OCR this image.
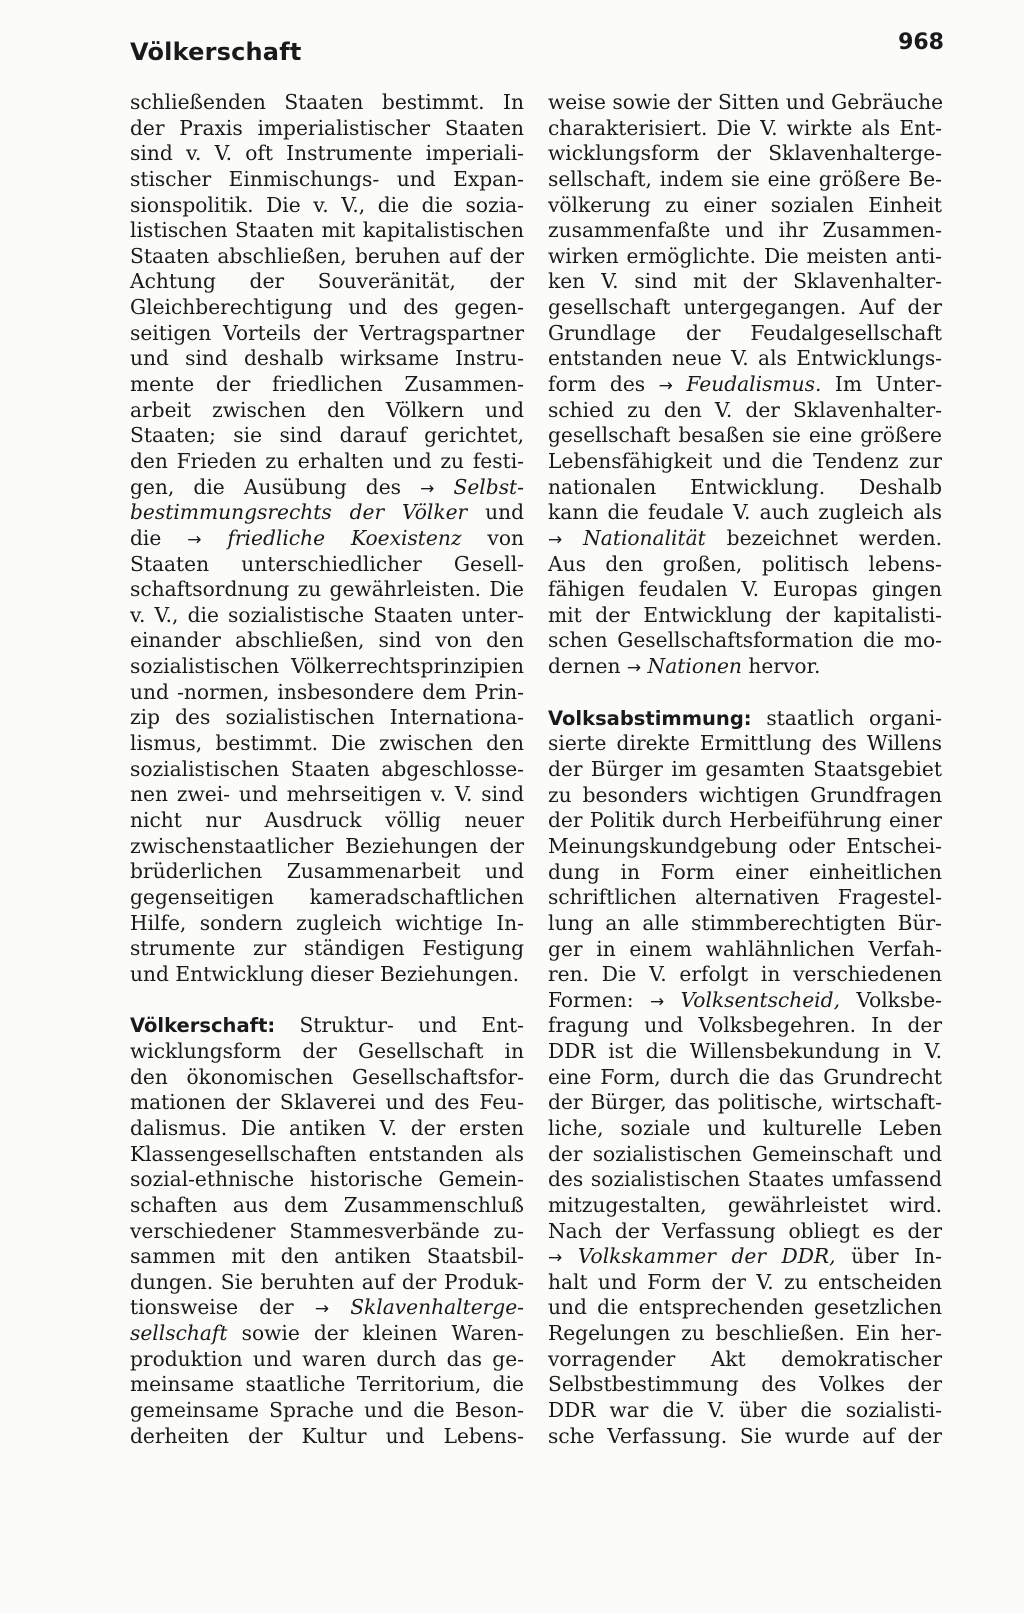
Völkerschaft	968
schließenden Staaten bestimmt. In
der Praxis imperialistischer Staaten
sind v. V. oft Instrumente imperiali-
stischer Einmischungs- und Expan-
sionspolitik. Die v. V., die die sozia-
listischen Staaten mit kapitalistischen
Staaten abschließen, beruhen auf der
Achtung der Souveränität, der
Gleichberechtigung und des gegen-
seitigen Vorteils der Vertragspartner
und sind deshalb wirksame Instru-
mente der friedlichen Zusammen-
arbeit zwischen den Völkern und
Staaten; sie sind darauf gerichtet,
den Frieden zu erhalten und zu festi-
gen, die Ausübung des → Selbst-
bestimmungsrechts der Völker und
die → friedliche Koexistenz von
Staaten unterschiedlicher Gesell-
schaftsordnung zu gewährleisten. Die
v. V., die sozialistische Staaten unter-
einander abschließen, sind von den
sozialistischen Völkerrechtsprinzipien
und -normen, insbesondere dem Prin-
zip des sozialistischen Internationa-
lismus, bestimmt. Die zwischen den
sozialistischen Staaten abgeschlosse-
nen zwei- und mehrseitigen v. V. sind
nicht nur Ausdruck völlig neuer
zwischenstaatlicher Beziehungen der
brüderlichen Zusammenarbeit und
gegenseitigen kameradschaftlichen
Hilfe, sondern zugleich wichtige In-
strumente zur ständigen Festigung
und Entwicklung dieser Beziehungen.
Völkerschaft: Struktur- und Ent-
wicklungsform der Gesellschaft in
den ökonomischen Gesellschaftsfor-
mationen der Sklaverei und des Feu-
dalismus. Die antiken V. der ersten
Klassengesellschaften entstanden als
sozial-ethnische historische Gemein-
schaften aus dem Zusammenschluß
verschiedener Stammesverbände zu-
sammen mit den antiken Staatsbil-
dungen. Sie beruhten auf der Produk-
tionsweise der → Sklavenhalterge-
sellschaft sowie der kleinen Waren-
produktion und waren durch das ge-
meinsame staatliche Territorium, die
gemeinsame Sprache und die Beson-
derheiten der Kultur und Lebens-
weise sowie der Sitten und Gebräuche
charakterisiert. Die V. wirkte als Ent-
wicklungsform der Sklavenhalterge-
sellschaft, indem sie eine größere Be-
völkerung zu einer sozialen Einheit
zusammenfaßte und ihr Zusammen-
wirken ermöglichte. Die meisten anti-
ken V. sind mit der Sklavenhalter-
gesellschaft untergegangen. Auf der
Grundlage der Feudalgesellschaft
entstanden neue V. als Entwicklungs-
form des → Feudalismus. Im Unter-
schied zu den V. der Sklavenhalter-
gesellschaft besaßen sie eine größere
Lebensfähigkeit und die Tendenz zur
nationalen Entwicklung. Deshalb
kann die feudale V. auch zugleich als
→ Nationalität bezeichnet werden.
Aus den großen, politisch lebens-
fähigen feudalen V. Europas gingen
mit der Entwicklung der kapitalisti-
schen Gesellschaftsformation die mo-
dernen → Nationen hervor.
Volksabstimmung: staatlich organi-
sierte direkte Ermittlung des Willens
der Bürger im gesamten Staatsgebiet
zu besonders wichtigen Grundfragen
der Politik durch Herbeiführung einer
Meinungskundgebung oder Entschei-
dung in Form einer einheitlichen
schriftlichen alternativen Fragestel-
lung an alle stimmberechtigten Bür-
ger in einem wahlähnlichen Verfah-
ren. Die V. erfolgt in verschiedenen
Formen: → Volksentscheid, Volksbe-
fragung und Volksbegehren. In der
DDR ist die Willensbekundung in V.
eine Form, durch die das Grundrecht
der Bürger, das politische, wirtschaft-
liche, soziale und kulturelle Leben
der sozialistischen Gemeinschaft und
des sozialistischen Staates umfassend
mitzugestalten, gewährleistet wird.
Nach der Verfassung obliegt es der
→ Volkskammer der DDR, über In-
halt und Form der V. zu entscheiden
und die entsprechenden gesetzlichen
Regelungen zu beschließen. Ein her-
vorragender Akt demokratischer
Selbstbestimmung des Volkes der
DDR war die V. über die sozialisti-
sche Verfassung. Sie wurde auf der
